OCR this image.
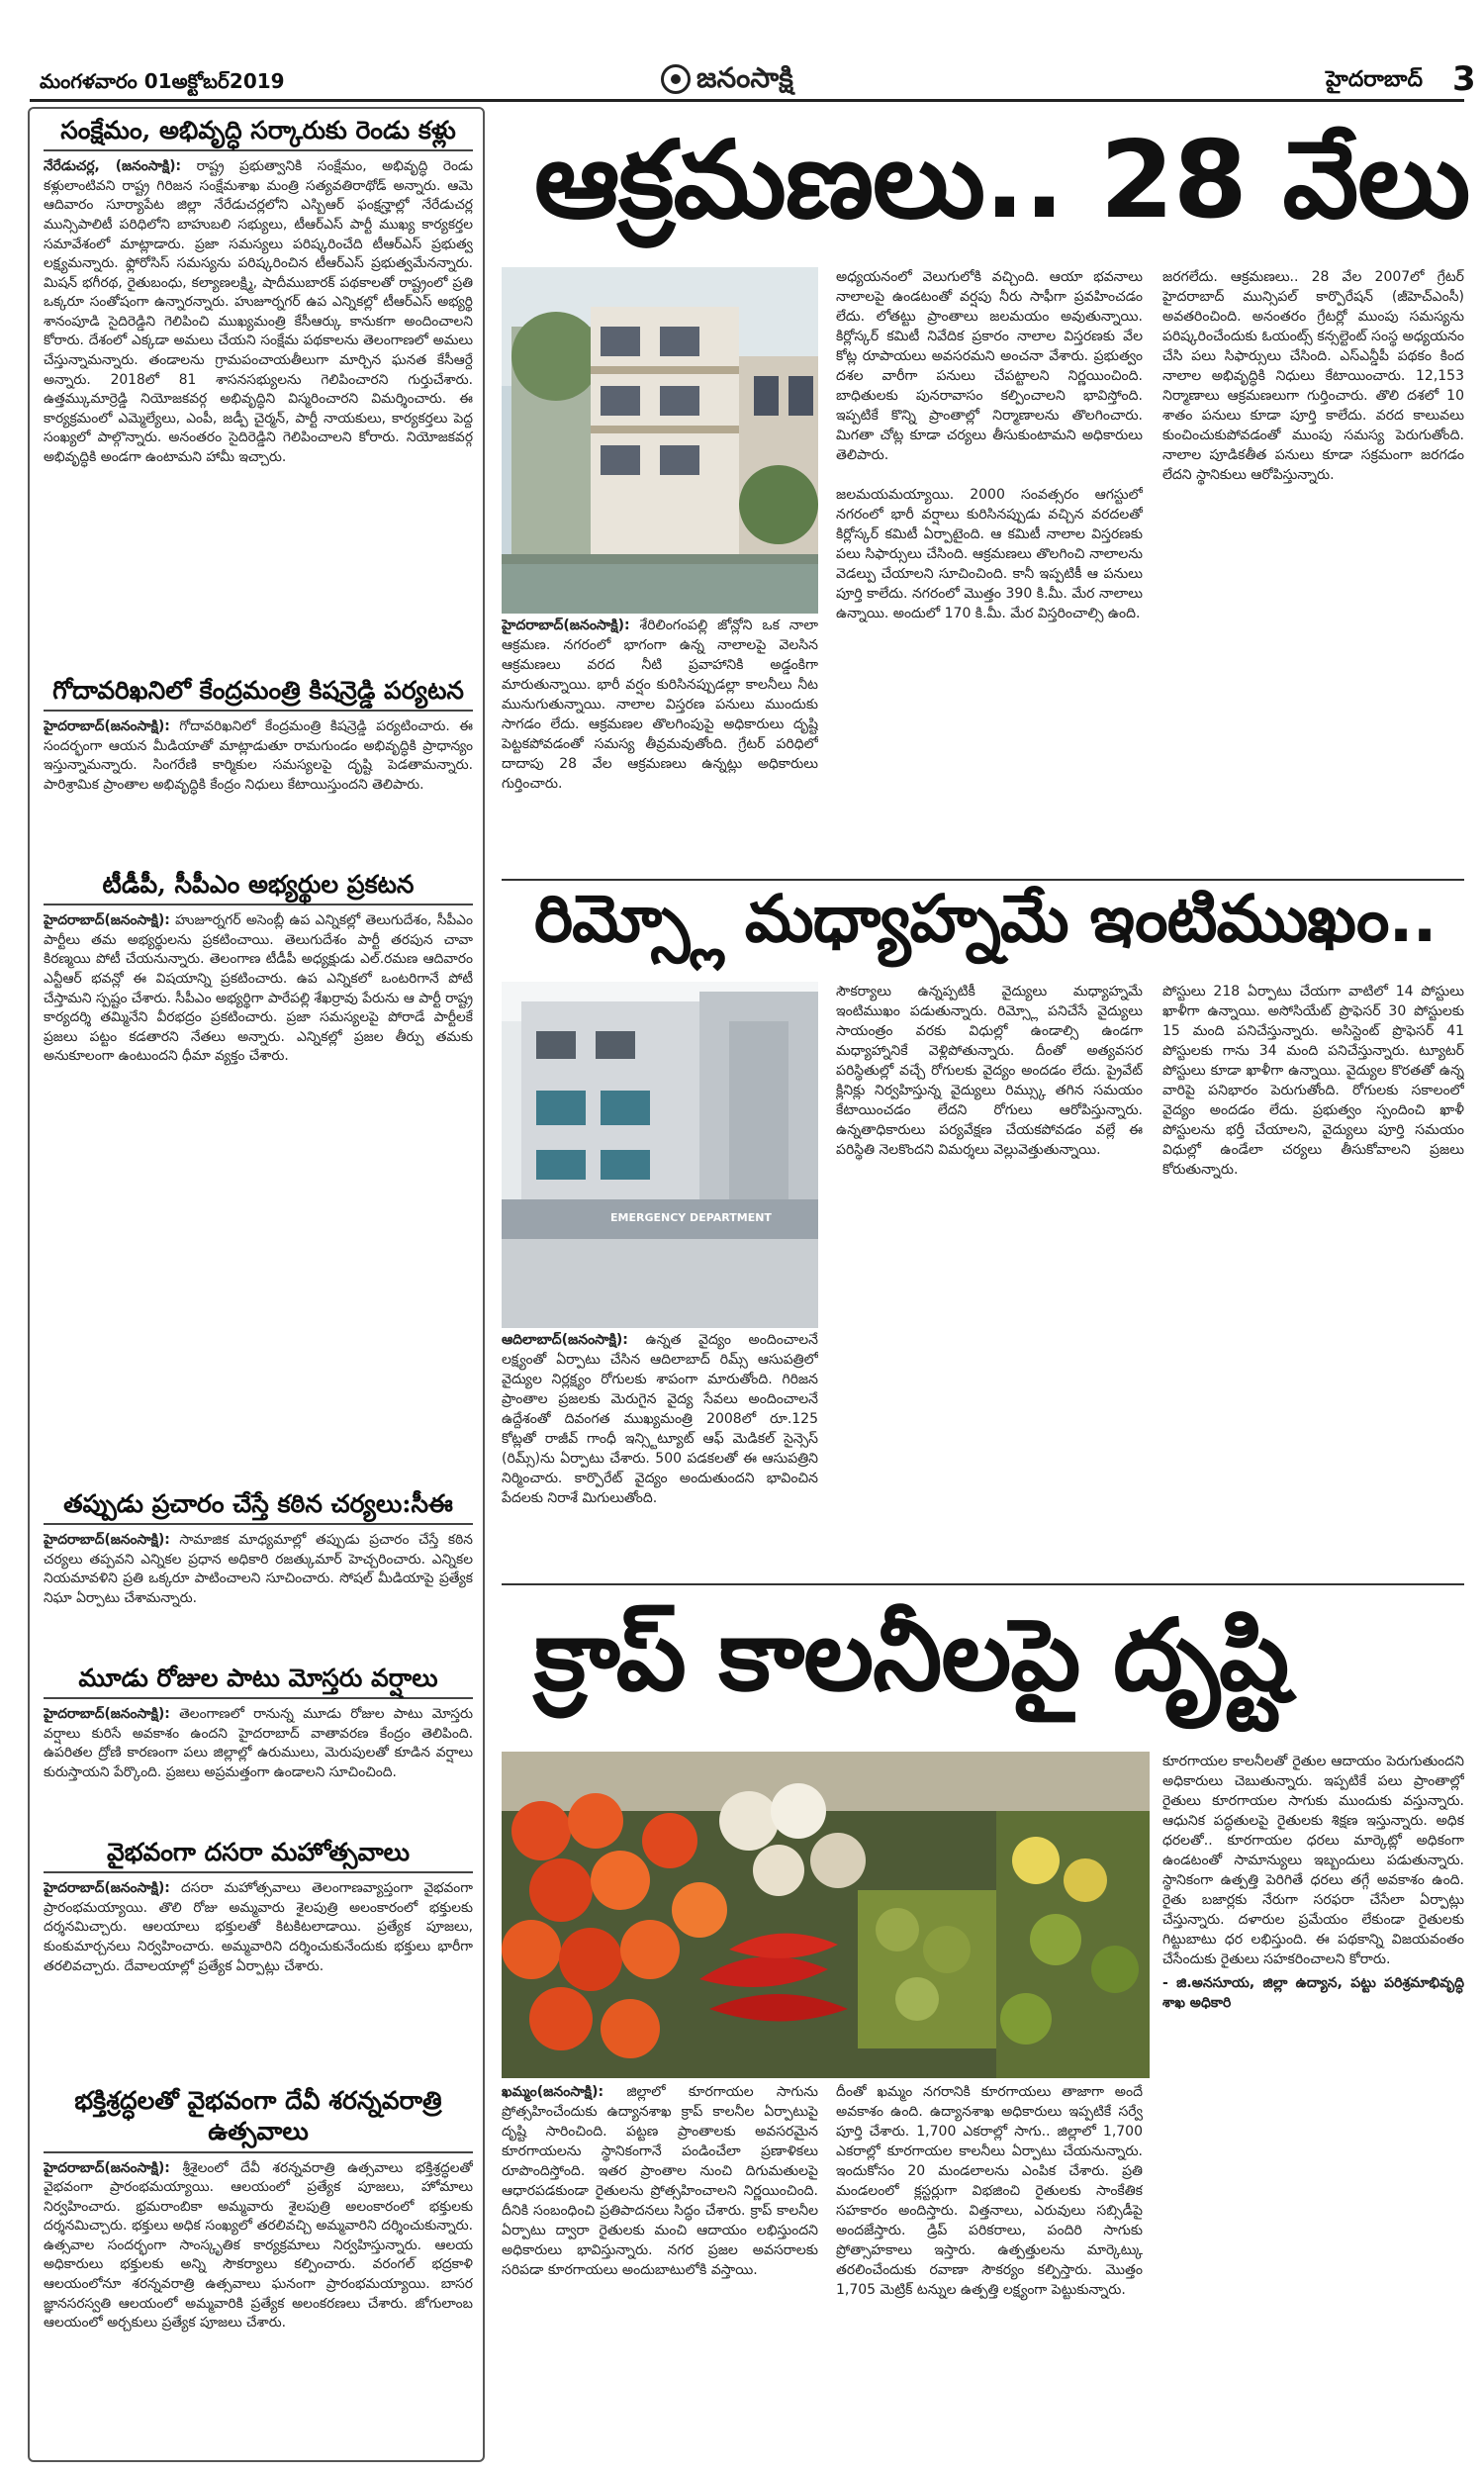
మంగళవారం 01అక్టోబర్2019	జనంసాక్షి	హైదరాబాద్ 3
సంక్షేమం, అభివృద్ధి సర్కారుకు రెండు కళ్లు
నేరేడుచర్ల, (జనంసాక్షి): రాష్ట్ర ప్రభుత్వానికి సంక్షేమం, అభివృద్ధి రెండు కళ్లులాంటివని రాష్ట్ర గిరిజన సంక్షేమశాఖ మంత్రి సత్యవతిరాథోడ్ అన్నారు. ఆమె ఆదివారం సూర్యాపేట జిల్లా నేరేడుచర్లలోని ఎస్బిఆర్ ఫంక్షన్హాల్లో నేరేడుచర్ల మున్సిపాలిటీ పరిధిలోని బాహుబలి సభ్యులు, టీఆర్ఎస్ పార్టీ ముఖ్య కార్యకర్తల సమావేశంలో మాట్లాడారు. ప్రజా సమస్యలు పరిష్కరించేది టీఆర్ఎస్ ప్రభుత్వ లక్ష్యమన్నారు. ఫ్లోరోసిస్ సమస్యను పరిష్కరించిన టీఆర్ఎస్ ప్రభుత్వమేనన్నారు. మిషన్ భగీరథ, రైతుబంధు, కల్యాణలక్ష్మి, షాదీముబారక్ పథకాలతో రాష్ట్రంలో ప్రతి ఒక్కరూ సంతోషంగా ఉన్నారన్నారు. హుజూర్నగర్ ఉప ఎన్నికల్లో టీఆర్ఎస్ అభ్యర్థి శానంపూడి సైదిరెడ్డిని గెలిపించి ముఖ్యమంత్రి కేసీఆర్కు కానుకగా అందించాలని కోరారు. దేశంలో ఎక్కడా అమలు చేయని సంక్షేమ పథకాలను తెలంగాణలో అమలు చేస్తున్నామన్నారు. తండాలను గ్రామపంచాయతీలుగా మార్చిన ఘనత కేసీఆర్దే అన్నారు. 2018లో 81 శాసనసభ్యులను గెలిపించారని గుర్తుచేశారు. ఉత్తమ్కుమార్రెడ్డి నియోజకవర్గ అభివృద్ధిని విస్మరించారని విమర్శించారు. ఈ కార్యక్రమంలో ఎమ్మెల్యేలు, ఎంపీ, జడ్పీ చైర్మన్, పార్టీ నాయకులు, కార్యకర్తలు పెద్ద సంఖ్యలో పాల్గొన్నారు. అనంతరం సైదిరెడ్డిని గెలిపించాలని కోరారు. నియోజకవర్గ అభివృద్ధికి అండగా ఉంటామని హామీ ఇచ్చారు.
గోదావరిఖనిలో కేంద్రమంత్రి కిషన్రెడ్డి పర్యటన
హైదరాబాద్(జనంసాక్షి): గోదావరిఖనిలో కేంద్రమంత్రి కిషన్రెడ్డి పర్యటించారు. ఈ సందర్భంగా ఆయన మీడియాతో మాట్లాడుతూ రామగుండం అభివృద్ధికి ప్రాధాన్యం ఇస్తున్నామన్నారు. సింగరేణి కార్మికుల సమస్యలపై దృష్టి పెడతామన్నారు. పారిశ్రామిక ప్రాంతాల అభివృద్ధికి కేంద్రం నిధులు కేటాయిస్తుందని తెలిపారు.
టీడీపీ, సీపీఎం అభ్యర్థుల ప్రకటన
హైదరాబాద్(జనంసాక్షి): హుజూర్నగర్ అసెంబ్లీ ఉప ఎన్నికల్లో తెలుగుదేశం, సీపీఎం పార్టీలు తమ అభ్యర్థులను ప్రకటించాయి. తెలుగుదేశం పార్టీ తరపున చావా కిరణ్మయి పోటీ చేయనున్నారు. తెలంగాణ టీడీపీ అధ్యక్షుడు ఎల్.రమణ ఆదివారం ఎన్టీఆర్ భవన్లో ఈ విషయాన్ని ప్రకటించారు. ఉప ఎన్నికలో ఒంటరిగానే పోటీ చేస్తామని స్పష్టం చేశారు. సీపీఎం అభ్యర్థిగా పారేపల్లి శేఖర్రావు పేరును ఆ పార్టీ రాష్ట్ర కార్యదర్శి తమ్మినేని వీరభద్రం ప్రకటించారు. ప్రజా సమస్యలపై పోరాడే పార్టీలకే ప్రజలు పట్టం కడతారని నేతలు అన్నారు. ఎన్నికల్లో ప్రజల తీర్పు తమకు అనుకూలంగా ఉంటుందని ధీమా వ్యక్తం చేశారు.
తప్పుడు ప్రచారం చేస్తే కఠిన చర్యలు:సీఈ
హైదరాబాద్(జనంసాక్షి): సామాజిక మాధ్యమాల్లో తప్పుడు ప్రచారం చేస్తే కఠిన చర్యలు తప్పవని ఎన్నికల ప్రధాన అధికారి రజత్కుమార్ హెచ్చరించారు. ఎన్నికల నియమావళిని ప్రతి ఒక్కరూ పాటించాలని సూచించారు. సోషల్ మీడియాపై ప్రత్యేక నిఘా ఏర్పాటు చేశామన్నారు.
మూడు రోజుల పాటు మోస్తరు వర్షాలు
హైదరాబాద్(జనంసాక్షి): తెలంగాణలో రానున్న మూడు రోజుల పాటు మోస్తరు వర్షాలు కురిసే అవకాశం ఉందని హైదరాబాద్ వాతావరణ కేంద్రం తెలిపింది. ఉపరితల ద్రోణి కారణంగా పలు జిల్లాల్లో ఉరుములు, మెరుపులతో కూడిన వర్షాలు కురుస్తాయని పేర్కొంది. ప్రజలు అప్రమత్తంగా ఉండాలని సూచించింది.
వైభవంగా దసరా మహోత్సవాలు
హైదరాబాద్(జనంసాక్షి): దసరా మహోత్సవాలు తెలంగాణవ్యాప్తంగా వైభవంగా ప్రారంభమయ్యాయి. తొలి రోజు అమ్మవారు శైలపుత్రి అలంకారంలో భక్తులకు దర్శనమిచ్చారు. ఆలయాలు భక్తులతో కిటకిటలాడాయి. ప్రత్యేక పూజలు, కుంకుమార్చనలు నిర్వహించారు. అమ్మవారిని దర్శించుకునేందుకు భక్తులు భారీగా తరలివచ్చారు. దేవాలయాల్లో ప్రత్యేక ఏర్పాట్లు చేశారు.
భక్తిశ్రద్ధలతో వైభవంగా దేవీ శరన్నవరాత్రి ఉత్సవాలు
హైదరాబాద్(జనంసాక్షి): శ్రీశైలంలో దేవీ శరన్నవరాత్రి ఉత్సవాలు భక్తిశ్రద్ధలతో వైభవంగా ప్రారంభమయ్యాయి. ఆలయంలో ప్రత్యేక పూజలు, హోమాలు నిర్వహించారు. భ్రమరాంబికా అమ్మవారు శైలపుత్రి అలంకారంలో భక్తులకు దర్శనమిచ్చారు. భక్తులు అధిక సంఖ్యలో తరలివచ్చి అమ్మవారిని దర్శించుకున్నారు. ఉత్సవాల సందర్భంగా సాంస్కృతిక కార్యక్రమాలు నిర్వహిస్తున్నారు. ఆలయ అధికారులు భక్తులకు అన్ని సౌకర్యాలు కల్పించారు. వరంగల్ భద్రకాళి ఆలయంలోనూ శరన్నవరాత్రి ఉత్సవాలు ఘనంగా ప్రారంభమయ్యాయి. బాసర జ్ఞానసరస్వతి ఆలయంలో అమ్మవారికి ప్రత్యేక అలంకరణలు చేశారు. జోగులాంబ ఆలయంలో అర్చకులు ప్రత్యేక పూజలు చేశారు.
ఆక్రమణలు.. 28 వేలు
హైదరాబాద్(జనంసాక్షి): శేరిలింగంపల్లి జోన్లోని ఒక నాలా ఆక్రమణ. నగరంలో భాగంగా ఉన్న నాలాలపై వెలసిన ఆక్రమణలు వరద నీటి ప్రవాహానికి అడ్డంకిగా మారుతున్నాయి. భారీ వర్షం కురిసినప్పుడల్లా కాలనీలు నీట మునుగుతున్నాయి. నాలాల విస్తరణ పనులు ముందుకు సాగడం లేదు. ఆక్రమణల తొలగింపుపై అధికారులు దృష్టి పెట్టకపోవడంతో సమస్య తీవ్రమవుతోంది. గ్రేటర్ పరిధిలో దాదాపు 28 వేల ఆక్రమణలు ఉన్నట్లు అధికారులు గుర్తించారు.
అధ్యయనంలో వెలుగులోకి వచ్చింది. ఆయా భవనాలు నాలాలపై ఉండటంతో వర్షపు నీరు సాఫీగా ప్రవహించడం లేదు. లోతట్టు ప్రాంతాలు జలమయం అవుతున్నాయి. కిర్లోస్కర్ కమిటీ నివేదిక ప్రకారం నాలాల విస్తరణకు వేల కోట్ల రూపాయలు అవసరమని అంచనా వేశారు. ప్రభుత్వం దశల వారీగా పనులు చేపట్టాలని నిర్ణయించింది. బాధితులకు పునరావాసం కల్పించాలని భావిస్తోంది. ఇప్పటికే కొన్ని ప్రాంతాల్లో నిర్మాణాలను తొలగించారు. మిగతా చోట్ల కూడా చర్యలు తీసుకుంటామని అధికారులు తెలిపారు.

జలమయమయ్యాయి. 2000 సంవత్సరం ఆగస్టులో నగరంలో భారీ వర్షాలు కురిసినప్పుడు వచ్చిన వరదలతో కిర్లోస్కర్ కమిటీ ఏర్పాటైంది. ఆ కమిటీ నాలాల విస్తరణకు పలు సిఫార్సులు చేసింది. ఆక్రమణలు తొలగించి నాలాలను వెడల్పు చేయాలని సూచించింది. కానీ ఇప్పటికీ ఆ పనులు పూర్తి కాలేదు. నగరంలో మొత్తం 390 కి.మీ. మేర నాలాలు ఉన్నాయి. అందులో 170 కి.మీ. మేర విస్తరించాల్సి ఉంది.
జరగలేదు. ఆక్రమణలు.. 28 వేల 2007లో గ్రేటర్ హైదరాబాద్ మున్సిపల్ కార్పొరేషన్ (జీహెచ్ఎంసీ) అవతరించింది. అనంతరం గ్రేటర్లో ముంపు సమస్యను పరిష్కరించేందుకు ఓయంట్స్ కన్సల్టెంట్ సంస్థ అధ్యయనం చేసి పలు సిఫార్సులు చేసింది. ఎస్ఎన్డీపీ పథకం కింద నాలాల అభివృద్ధికి నిధులు కేటాయించారు. 12,153 నిర్మాణాలు ఆక్రమణలుగా గుర్తించారు. తొలి దశలో 10 శాతం పనులు కూడా పూర్తి కాలేదు. వరద కాలువలు కుంచించుకుపోవడంతో ముంపు సమస్య పెరుగుతోంది. నాలాల పూడికతీత పనులు కూడా సక్రమంగా జరగడం లేదని స్థానికులు ఆరోపిస్తున్నారు.
రిమ్స్లో మధ్యాహ్నమే ఇంటిముఖం..
EMERGENCY DEPARTMENT
ఆదిలాబాద్(జనంసాక్షి): ఉన్నత వైద్యం అందించాలనే లక్ష్యంతో ఏర్పాటు చేసిన ఆదిలాబాద్ రిమ్స్ ఆసుపత్రిలో వైద్యుల నిర్లక్ష్యం రోగులకు శాపంగా మారుతోంది. గిరిజన ప్రాంతాల ప్రజలకు మెరుగైన వైద్య సేవలు అందించాలనే ఉద్దేశంతో దివంగత ముఖ్యమంత్రి 2008లో రూ.125 కోట్లతో రాజీవ్ గాంధీ ఇన్స్టిట్యూట్ ఆఫ్ మెడికల్ సైన్సెస్ (రిమ్స్)ను ఏర్పాటు చేశారు. 500 పడకలతో ఈ ఆసుపత్రిని నిర్మించారు. కార్పొరేట్ వైద్యం అందుతుందని భావించిన పేదలకు నిరాశే మిగులుతోంది.
సౌకర్యాలు ఉన్నప్పటికీ వైద్యులు మధ్యాహ్నమే ఇంటిముఖం పడుతున్నారు. రిమ్స్లో పనిచేసే వైద్యులు సాయంత్రం వరకు విధుల్లో ఉండాల్సి ఉండగా మధ్యాహ్నానికే వెళ్లిపోతున్నారు. దీంతో అత్యవసర పరిస్థితుల్లో వచ్చే రోగులకు వైద్యం అందడం లేదు. ప్రైవేట్ క్లినిక్లు నిర్వహిస్తున్న వైద్యులు రిమ్స్కు తగిన సమయం కేటాయించడం లేదని రోగులు ఆరోపిస్తున్నారు. ఉన్నతాధికారులు పర్యవేక్షణ చేయకపోవడం వల్లే ఈ పరిస్థితి నెలకొందని విమర్శలు వెల్లువెత్తుతున్నాయి.
పోస్టులు 218 ఏర్పాటు చేయగా వాటిలో 14 పోస్టులు ఖాళీగా ఉన్నాయి. అసోసియేట్ ప్రొఫెసర్ 30 పోస్టులకు 15 మంది పనిచేస్తున్నారు. అసిస్టెంట్ ప్రొఫెసర్ 41 పోస్టులకు గాను 34 మంది పనిచేస్తున్నారు. ట్యూటర్ పోస్టులు కూడా ఖాళీగా ఉన్నాయి. వైద్యుల కొరతతో ఉన్న వారిపై పనిభారం పెరుగుతోంది. రోగులకు సకాలంలో వైద్యం అందడం లేదు. ప్రభుత్వం స్పందించి ఖాళీ పోస్టులను భర్తీ చేయాలని, వైద్యులు పూర్తి సమయం విధుల్లో ఉండేలా చర్యలు తీసుకోవాలని ప్రజలు కోరుతున్నారు.
క్రాప్ కాలనీలపై దృష్టి
ఖమ్మం(జనంసాక్షి): జిల్లాలో కూరగాయల సాగును ప్రోత్సహించేందుకు ఉద్యానశాఖ క్రాప్ కాలనీల ఏర్పాటుపై దృష్టి సారించింది. పట్టణ ప్రాంతాలకు అవసరమైన కూరగాయలను స్థానికంగానే పండించేలా ప్రణాళికలు రూపొందిస్తోంది. ఇతర ప్రాంతాల నుంచి దిగుమతులపై ఆధారపడకుండా రైతులను ప్రోత్సహించాలని నిర్ణయించింది. దీనికి సంబంధించి ప్రతిపాదనలు సిద్ధం చేశారు. క్రాప్ కాలనీల ఏర్పాటు ద్వారా రైతులకు మంచి ఆదాయం లభిస్తుందని అధికారులు భావిస్తున్నారు. నగర ప్రజల అవసరాలకు సరిపడా కూరగాయలు అందుబాటులోకి వస్తాయి.
దీంతో ఖమ్మం నగరానికి కూరగాయలు తాజాగా అందే అవకాశం ఉంది. ఉద్యానశాఖ అధికారులు ఇప్పటికే సర్వే పూర్తి చేశారు. 1,700 ఎకరాల్లో సాగు.. జిల్లాలో 1,700 ఎకరాల్లో కూరగాయల కాలనీలు ఏర్పాటు చేయనున్నారు. ఇందుకోసం 20 మండలాలను ఎంపిక చేశారు. ప్రతి మండలంలో క్లస్టర్లుగా విభజించి రైతులకు సాంకేతిక సహకారం అందిస్తారు. విత్తనాలు, ఎరువులు సబ్సిడీపై అందజేస్తారు. డ్రిప్ పరికరాలు, పందిరి సాగుకు ప్రోత్సాహకాలు ఇస్తారు. ఉత్పత్తులను మార్కెట్కు తరలించేందుకు రవాణా సౌకర్యం కల్పిస్తారు. మొత్తం 1,705 మెట్రిక్ టన్నుల ఉత్పత్తి లక్ష్యంగా పెట్టుకున్నారు.
కూరగాయల కాలనీలతో రైతుల ఆదాయం పెరుగుతుందని అధికారులు చెబుతున్నారు. ఇప్పటికే పలు ప్రాంతాల్లో రైతులు కూరగాయల సాగుకు ముందుకు వస్తున్నారు. ఆధునిక పద్ధతులపై రైతులకు శిక్షణ ఇస్తున్నారు. అధిక ధరలతో.. కూరగాయల ధరలు మార్కెట్లో అధికంగా ఉండటంతో సామాన్యులు ఇబ్బందులు పడుతున్నారు. స్థానికంగా ఉత్పత్తి పెరిగితే ధరలు తగ్గే అవకాశం ఉంది. రైతు బజార్లకు నేరుగా సరఫరా చేసేలా ఏర్పాట్లు చేస్తున్నారు. దళారుల ప్రమేయం లేకుండా రైతులకు గిట్టుబాటు ధర లభిస్తుంది. ఈ పథకాన్ని విజయవంతం చేసేందుకు రైతులు సహకరించాలని కోరారు.

- జి.అనసూయ, జిల్లా ఉద్యాన, పట్టు పరిశ్రమాభివృద్ధి శాఖ అధికారి
